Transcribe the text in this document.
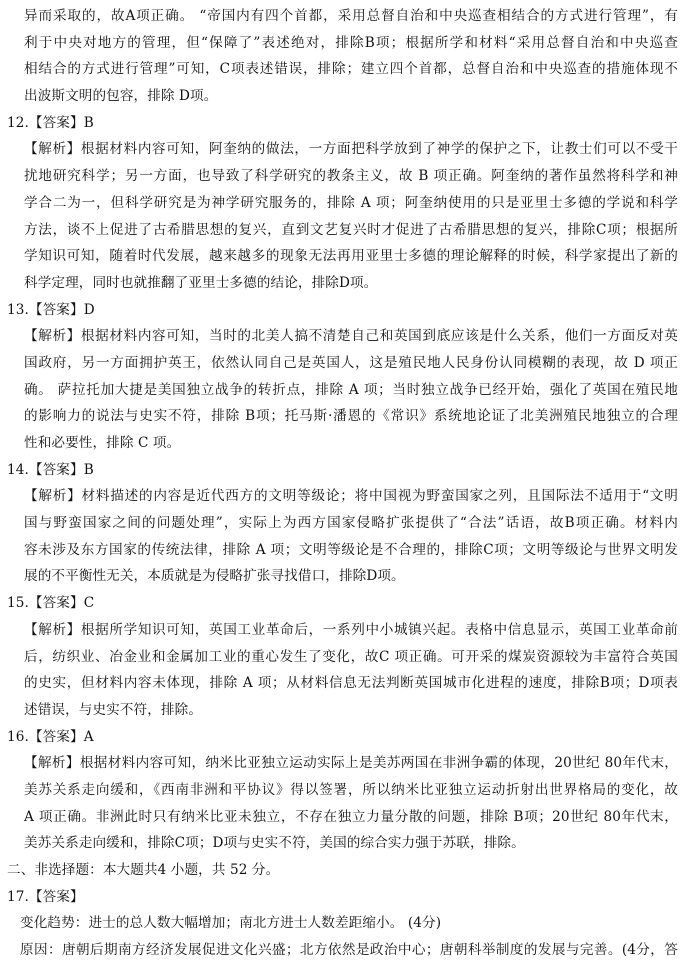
异而采取的，故A项正确。 “帝国内有四个首都，采用总督自治和中央巡查相结合的方式进行管理”，有
利于中央对地方的管理，但“保障了”表述绝对，排除B项；根据所学和材料“采用总督自治和中央巡查
相结合的方式进行管理”可知，C项表述错误，排除；建立四个首都，总督自治和中央巡查的措施体现不
出波斯文明的包容，排除 D项。
12.【答案】B
【解析】根据材料内容可知，阿奎纳的做法，一方面把科学放到了神学的保护之下，让教士们可以不受干
扰地研究科学；另一方面，也导致了科学研究的教条主义，故 B 项正确。阿奎纳的著作虽然将科学和神
学合二为一，但科学研究是为神学研究服务的，排除 A 项；阿奎纳使用的只是亚里士多德的学说和科学
方法，谈不上促进了古希腊思想的复兴，直到文艺复兴时才促进了古希腊思想的复兴，排除C项；根据所
学知识可知，随着时代发展，越来越多的现象无法再用亚里士多德的理论解释的时候，科学家提出了新的
科学定理，同时也就推翻了亚里士多德的结论，排除D项。
13.【答案】D
【解析】根据材料内容可知，当时的北美人搞不清楚自己和英国到底应该是什么关系，他们一方面反对英
国政府，另一方面拥护英王，依然认同自己是英国人，这是殖民地人民身份认同模糊的表现，故 D 项正
确。 萨拉托加大捷是美国独立战争的转折点，排除 A 项；当时独立战争已经开始，强化了英国在殖民地
的影响力的说法与史实不符，排除 B项；托马斯·潘恩的《常识》系统地论证了北美洲殖民地独立的合理
性和必要性，排除 C 项。
14.【答案】B
【解析】材料描述的内容是近代西方的文明等级论；将中国视为野蛮国家之列，且国际法不适用于“文明
国与野蛮国家之间的问题处理”，实际上为西方国家侵略扩张提供了“合法”话语，故B项正确。材料内
容未涉及东方国家的传统法律，排除 A 项；文明等级论是不合理的，排除C项；文明等级论与世界文明发
展的不平衡性无关，本质就是为侵略扩张寻找借口，排除D项。
15.【答案】C
【解析】根据所学知识可知，英国工业革命后，一系列中小城镇兴起。表格中信息显示，英国工业革命前
后，纺织业、冶金业和金属加工业的重心发生了变化，故C 项正确。可开采的煤炭资源较为丰富符合英国
的史实，但材料内容未体现，排除 A 项；从材料信息无法判断英国城市化进程的速度，排除B项；D项表
述错误，与史实不符，排除。
16.【答案】A
【解析】根据材料内容可知，纳米比亚独立运动实际上是美苏两国在非洲争霸的体现，20世纪 80年代末，
美苏关系走向缓和，《西南非洲和平协议》得以签署，所以纳米比亚独立运动折射出世界格局的变化，故
A 项正确。非洲此时只有纳米比亚未独立，不存在独立力量分散的问题，排除 B项；20世纪 80年代末，
美苏关系走向缓和，排除C项；D项与史实不符，美国的综合实力强于苏联，排除。
二、非选择题：本大题共4 小题，共 52 分。
17.【答案】
变化趋势：进士的总人数大幅增加；南北方进士人数差距缩小。 (4分)
原因：唐朝后期南方经济发展促进文化兴盛；北方依然是政治中心；唐朝科举制度的发展与完善。(4分，答
